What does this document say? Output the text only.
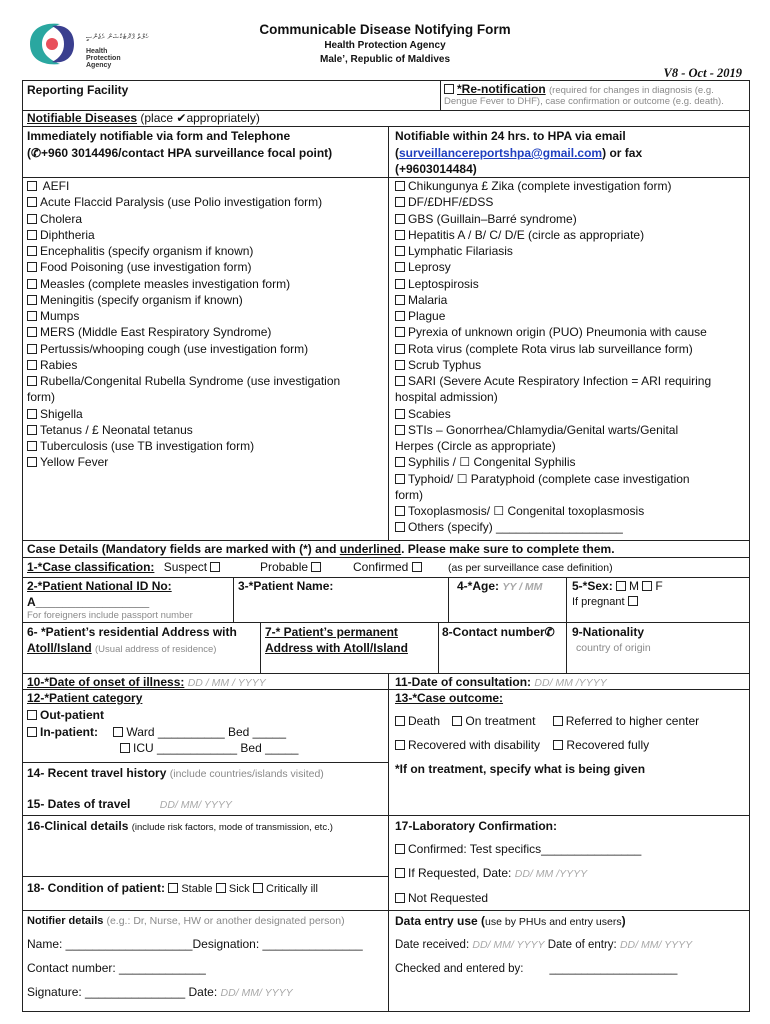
ހެލްތް ޕްރޮޓެކްޝަން އެޖެންސީ
Health
Protection
Agency
Communicable Disease Notifying Form
Health Protection Agency
Male’, Republic of Maldives
V8 - Oct - 2019
Reporting Facility	*Re-notification (required for changes in diagnosis (e.g.
Dengue Fever to DHF), case confirmation or outcome (e.g. death).
Notifiable Diseases (place ✔appropriately)
Immediately notifiable via form and Telephone
(✆+960 3014496/contact HPA surveillance focal point)
Notifiable within 24 hrs. to HPA via email
(surveillancereportshpa@gmail.com) or fax
(+9603014484)
AEFI
Acute Flaccid Paralysis (use Polio investigation form)
Cholera
Diphtheria
Encephalitis (specify organism if known)
Food Poisoning (use investigation form)
Measles (complete measles investigation form)
Meningitis (specify organism if known)
Mumps
MERS (Middle East Respiratory Syndrome)
Pertussis/whooping cough (use investigation form)
Rabies
Rubella/Congenital Rubella Syndrome (use investigation
form)
Shigella
Tetanus / £ Neonatal tetanus
Tuberculosis (use TB investigation form)
Yellow Fever
Chikungunya £ Zika (complete investigation form)
DF/£DHF/£DSS
GBS (Guillain–Barré syndrome)
Hepatitis A / B/ C/ D/E (circle as appropriate)
Lymphatic Filariasis
Leprosy
Leptospirosis
Malaria
Plague
Pyrexia of unknown origin (PUO) Pneumonia with cause
Rota virus (complete Rota virus lab surveillance form)
Scrub Typhus
SARI (Severe Acute Respiratory Infection = ARI requiring
hospital admission)
Scabies
STIs – Gonorrhea/Chlamydia/Genital warts/Genital
Herpes (Circle as appropriate)
Syphilis / ☐ Congenital Syphilis
Typhoid/ ☐ Paratyphoid (complete case investigation
form)
Toxoplasmosis/ ☐ Congenital toxoplasmosis
Others (specify) ___________________
Case Details (Mandatory fields are marked with (*) and underlined. Please make sure to complete them.
1-*Case classification: Suspect	Probable	Confirmed	(as per surveillance case definition)
2-*Patient National ID No:
A_________________
For foreigners include passport number
3-*Patient Name:	4-*Age: YY / MM 5-*Sex: M F
If pregnant
6- *Patient’s residential Address with
Atoll/Island (Usual address of residence)
7-* Patient’s permanent
Address with Atoll/Island
8-Contact number✆ 9-Nationality
country of origin
10-*Date of onset of illness: DD / MM / YYYY	11-Date of consultation: DD/ MM /YYYY
12-*Patient category
Out-patient
In-patient: Ward __________ Bed _____
ICU ____________ Bed _____
13-*Case outcome:
Death On treatment	Referred to higher center
Recovered with disability Recovered fully
*If on treatment, specify what is being given
14- Recent travel history (include countries/islands visited)
15- Dates of travel	DD/ MM/ YYYY
16-Clinical details (include risk factors, mode of transmission, etc.)	17-Laboratory Confirmation:
Confirmed: Test specifics_______________
If Requested, Date: DD/ MM /YYYY
Not Requested
18- Condition of patient: Stable Sick Critically ill
Notifier details (e.g.: Dr, Nurse, HW or another designated person)
Name: ___________________Designation: _______________
Contact number: _____________
Signature: _______________ Date: DD/ MM/ YYYY
Data entry use (use by PHUs and entry users)
Date received: DD/ MM/ YYYY Date of entry: DD/ MM/ YYYY
Checked and entered by: ____________________
